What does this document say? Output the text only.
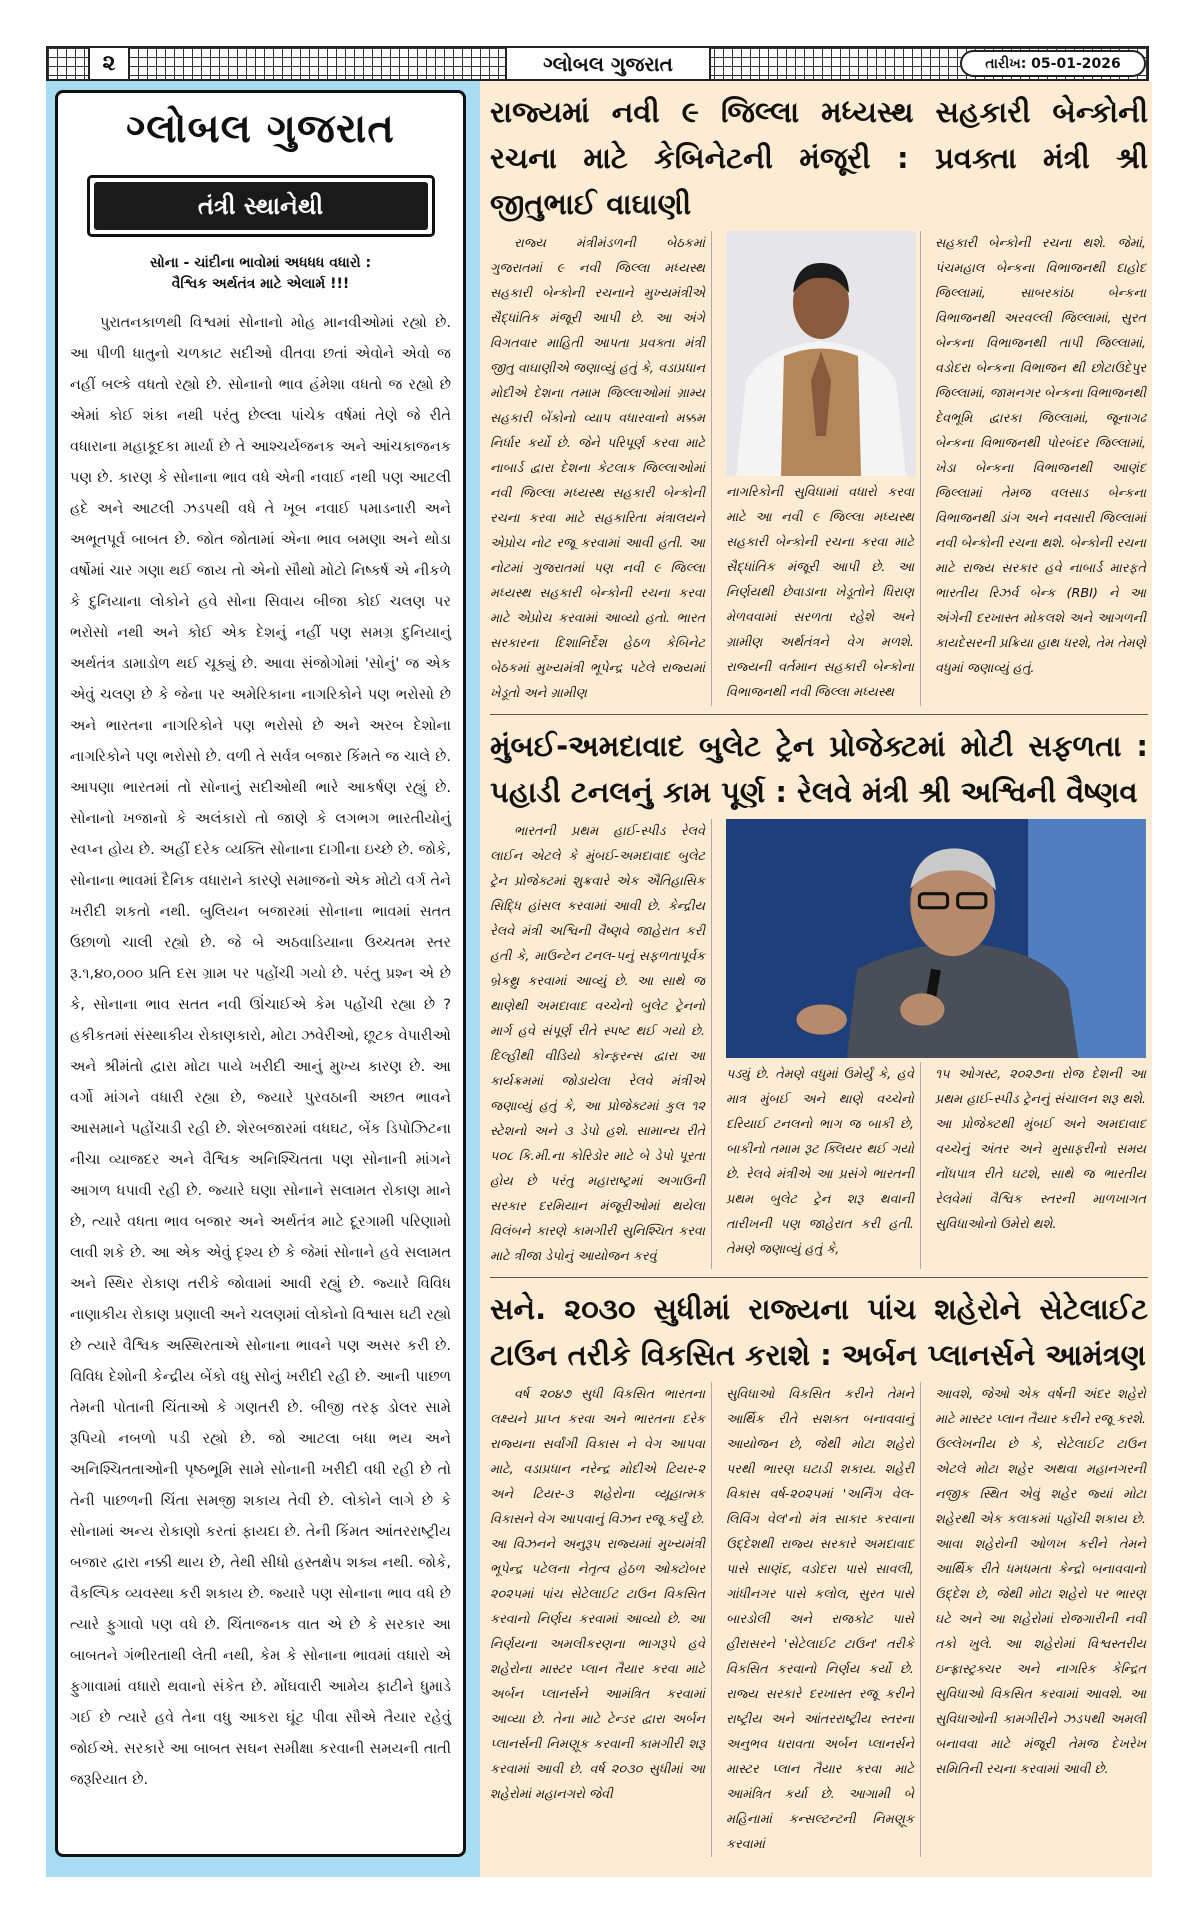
૨	ગ્લોબલ ગુજરાત	તારીખ: 05-01-2026
ગ્લોબલ ગુજરાત
તંત્રી સ્થાનેથી
સોના - ચાંદીના ભાવોમાં અધધધ વધારો :
વૈશ્વિક અર્થતંત્ર માટે એલાર્મ !!!
પુરાતનકાળથી વિશ્વમાં સોનાનો મોહ માનવીઓમાં રહ્યો છે. આ પીળી ધાતુનો ચળકાટ સદીઓ વીતવા છતાં એવોને એવો જ નહીં બલ્કે વધતો રહ્યો છે. સોનાનો ભાવ હંમેશા વધતો જ રહ્યો છે એમાં કોઈ શંકા નથી પરંતુ છેલ્લા પાંચેક વર્ષમાં તેણે જે રીતે વધારાના મહાકૂદકા માર્યા છે તે આશ્ચર્યજનક અને આંચકાજનક પણ છે. કારણ કે સોનાના ભાવ વધે એની નવાઈ નથી પણ આટલી હદે અને આટલી ઝડપથી વધે તે ખૂબ નવાઈ પમાડનારી અને અભૂતપૂર્વ બાબત છે. જોત જોતામાં એના ભાવ બમણા અને થોડા વર્ષોમાં ચાર ગણા થઈ જાય તો એનો સૌથો મોટો નિષ્કર્ષ એ નીકળે કે દુનિયાના લોકોને હવે સોના સિવાય બીજા કોઈ ચલણ પર ભરોસો નથી અને કોઈ એક દેશનું નહીં પણ સમગ્ર દુનિયાનું અર્થતંત્ર ડામાડોળ થઈ ચૂક્યું છે. આવા સંજોગોમાં 'સોનું' જ એક એવું ચલણ છે કે જેના પર અમેરિકાના નાગરિકોને પણ ભરોસો છે અને ભારતના નાગરિકોને પણ ભરોસો છે અને અરબ દેશોના નાગરિકોને પણ ભરોસો છે. વળી તે સર્વત્ર બજાર કિંમતે જ ચાલે છે. આપણા ભારતમાં તો સોનાનું સદીઓથી ભારે આકર્ષણ રહ્યું છે. સોનાનો ખજાનો કે અલંકારો તો જાણે કે લગભગ ભારતીયોનું સ્વપ્ન હોય છે. અહીં દરેક વ્યક્તિ સોનાના દાગીના ઇચ્છે છે. જોકે, સોનાના ભાવમાં દૈનિક વધારાને કારણે સમાજનો એક મોટો વર્ગ તેને ખરીદી શકતો નથી. બુલિયન બજારમાં સોનાના ભાવમાં સતત ઉછાળો ચાલી રહ્યો છે. જે બે અઠવાડિયાના ઉચ્ચતમ સ્તર રૂ.૧,૪૦,૦૦૦ પ્રતિ દસ ગ્રામ પર પહોંચી ગયો છે. પરંતુ પ્રશ્ન એ છે કે, સોનાના ભાવ સતત નવી ઊંચાઈએ કેમ પહોંચી રહ્યા છે ? હકીકતમાં સંસ્થાકીય રોકાણકારો, મોટા ઝવેરીઓ, છૂટક વેપારીઓ અને શ્રીમંતો દ્વારા મોટા પાયે ખરીદી આનું મુખ્ય કારણ છે. આ વર્ગો માંગને વધારી રહ્યા છે, જ્યારે પુરવઠાની અછત ભાવને આસમાને પહોંચાડી રહી છે. શેરબજારમાં વધઘટ, બેંક ડિપોઝિટના નીચા વ્યાજદર અને વૈશ્વિક અનિશ્ચિતતા પણ સોનાની માંગને આગળ ધપાવી રહી છે. જ્યારે ઘણા સોનાને સલામત રોકાણ માને છે, ત્યારે વધતા ભાવ બજાર અને અર્થતંત્ર માટે દૂરગામી પરિણામો લાવી શકે છે. આ એક એવું દૃશ્ય છે કે જેમાં સોનાને હવે સલામત અને સ્થિર રોકાણ તરીકે જોવામાં આવી રહ્યું છે. જ્યારે વિવિધ નાણાકીય રોકાણ પ્રણાલી અને ચલણમાં લોકોનો વિશ્વાસ ઘટી રહ્યો છે ત્યારે વૈશ્વિક અસ્થિરતાએ સોનાના ભાવને પણ અસર કરી છે. વિવિધ દેશોની કેન્દ્રીય બેંકો વધુ સોનું ખરીદી રહી છે. આની પાછળ તેમની પોતાની ચિંતાઓ કે ગણતરી છે. બીજી તરફ ડોલર સામે રૂપિયો નબળો પડી રહ્યો છે. જો આટલા બધા ભય અને અનિશ્ચિતતાઓની પૃષ્ઠભૂમિ સામે સોનાની ખરીદી વધી રહી છે તો તેની પાછળની ચિંતા સમજી શકાય તેવી છે. લોકોને લાગે છે કે સોનામાં અન્ય રોકાણો કરતાં ફાયદા છે. તેની કિંમત આંતરરાષ્ટ્રીય બજાર દ્વારા નક્કી થાય છે, તેથી સીધો હસ્તક્ષેપ શક્ય નથી. જોકે, વૈકલ્પિક વ્યવસ્થા કરી શકાય છે. જ્યારે પણ સોનાના ભાવ વધે છે ત્યારે ફુગાવો પણ વધે છે. ચિંતાજનક વાત એ છે કે સરકાર આ બાબતને ગંભીરતાથી લેતી નથી, કેમ કે સોનાના ભાવમાં વધારો એ ફુગાવામાં વધારો થવાનો સંકેત છે. મોંઘવારી આમેય ફાટીને ધુમાડે ગઈ છે ત્યારે હવે તેના વધુ આકરા ઘૂંટ પીવા સૌએ તૈયાર રહેવું જોઈએ. સરકારે આ બાબત સઘન સમીક્ષા કરવાની સમયની તાતી જરૂરિયાત છે.
રાજ્યમાં નવી ૯ જિલ્લા મધ્યસ્થ સહકારી બેન્કોની રચના માટે કેબિનેટની મંજૂરી : પ્રવક્તા મંત્રી શ્રી જીતુભાઈ વાઘાણી
રાજ્ય મંત્રીમંડળની બેઠકમાં ગુજરાતમાં ૯ નવી જિલ્લા મધ્યસ્થ સહકારી બેન્કોની રચનાને મુખ્યમંત્રીએ સૈદ્ધાંતિક મંજૂરી આપી છે. આ અંગે વિગતવાર માહિતી આપતા પ્રવક્તા મંત્રી જીતુ વાઘાણીએ જણાવ્યું હતું કે, વડાપ્રધાન મોદીએ દેશના તમામ જિલ્લાઓમાં ગ્રામ્ય સહકારી બેંકોનો વ્યાપ વધારવાનો મક્કમ નિર્ધાર કર્યો છે. જેને પરિપૂર્ણ કરવા માટે નાબાર્ડ દ્વારા દેશના કેટલાક જિલ્લાઓમાં નવી જિલ્લા મધ્યસ્થ સહકારી બેન્કોની રચના કરવા માટે સહકારિતા મંત્રાલયને એપ્રોચ નોટ રજૂ કરવામાં આવી હતી. આ નોટમાં ગુજરાતમાં પણ નવી ૯ જિલ્લા મધ્યસ્થ સહકારી બેન્કોની રચના કરવા માટે એપ્રોચ કરવામાં આવ્યો હતો. ભારત સરકારના દિશાનિર્દેશ હેઠળ કેબિનેટ બેઠકમાં મુખ્યમંત્રી ભૂપેન્દ્ર પટેલે રાજ્યમાં ખેડૂતો અને ગ્રામીણ
નાગરિકોની સુવિધામાં વધારો કરવા માટે આ નવી ૯ જિલ્લા મધ્યસ્થ સહકારી બેન્કોની રચના કરવા માટે સૈદ્ધાંતિક મંજૂરી આપી છે. આ નિર્ણયથી છેવાડાના ખેડૂતોને ધિરાણ મેળવવામાં સરળતા રહેશે અને ગ્રામીણ અર્થતંત્રને વેગ મળશે. રાજ્યની વર્તમાન સહકારી બેન્કોના વિભાજનથી નવી જિલ્લા મધ્યસ્થ
સહકારી બેન્કોની રચના થશે. જેમાં, પંચમહાલ બેન્કના વિભાજનથી દાહોદ જિલ્લામાં, સાબરકાંઠા બેન્કના વિભાજનથી અરવલ્લી જિલ્લામાં, સુરત બેન્કના વિભાજનથી તાપી જિલ્લામાં, વડોદરા બેન્કના વિભાજન થી છોટાઉદેપુર જિલ્લામાં, જામનગર બેન્કના વિભાજનથી દેવભૂમિ દ્વારકા જિલ્લામાં, જૂનાગઢ બેન્કના વિભાજનથી પોરબંદર જિલ્લામાં, ખેડા બેન્કના વિભાજનથી આણંદ જિલ્લામાં તેમજ વલસાડ બેન્કના વિભાજનથી ડાંગ અને નવસારી જિલ્લામાં નવી બેન્કોની રચના થશે. બેન્કોની રચના માટે રાજ્ય સરકાર હવે નાબાર્ડ મારફતે ભારતીય રિઝર્વ બેન્ક (RBI) ને આ અંગેની દરખાસ્ત મોકલશે અને આગળની કાયદેસરની પ્રક્રિયા હાથ ધરશે, તેમ તેમણે વધુમાં જણાવ્યું હતું.
મુંબઈ-અમદાવાદ બુલેટ ટ્રેન પ્રોજેક્ટમાં મોટી સફળતા : પહાડી ટનલનું કામ પૂર્ણ : રેલવે મંત્રી શ્રી અશ્વિની વૈષ્ણવ
ભારતની પ્રથમ હાઈ-સ્પીડ રેલવે લાઈન એટલે કે મુંબઈ-અમદાવાદ બુલેટ ટ્રેન પ્રોજેક્ટમાં શુક્રવારે એક ઐતિહાસિક સિદ્ધિ હાંસલ કરવામાં આવી છે. કેન્દ્રીય રેલવે મંત્રી અશ્વિની વૈષ્ણવે જાહેરાત કરી હતી કે, માઉન્ટેન ટનલ-૫નું સફળતાપૂર્વક બ્રેકથ્રુ કરવામાં આવ્યું છે. આ સાથે જ થાણેથી અમદાવાદ વચ્ચેનો બુલેટ ટ્રેનનો માર્ગ હવે સંપૂર્ણ રીતે સ્પષ્ટ થઈ ગયો છે. દિલ્હીથી વીડિયો કોન્ફરન્સ દ્વારા આ કાર્યક્રમમાં જોડાયેલા રેલવે મંત્રીએ જણાવ્યું હતું કે, આ પ્રોજેક્ટમાં કુલ ૧૨ સ્ટેશનો અને ૩ ડેપો હશે. સામાન્ય રીતે ૫૦૮ કિ.મી.ના કોરિડોર માટે બે ડેપો પૂરતા હોય છે પરંતુ મહારાષ્ટ્રમાં અગાઉની સરકાર દરમિયાન મંજૂરીઓમાં થયેલા વિલંબને કારણે કામગીરી સુનિશ્ચિત કરવા માટે ત્રીજા ડેપોનું આયોજન કરવું
પડ્યું છે. તેમણે વધુમાં ઉમેર્યું કે, હવે માત્ર મુંબઈ અને થાણે વચ્ચેનો દરિયાઈ ટનલનો ભાગ જ બાકી છે, બાકીનો તમામ રૂટ ક્લિયર થઈ ગયો છે. રેલવે મંત્રીએ આ પ્રસંગે ભારતની પ્રથમ બુલેટ ટ્રેન શરૂ થવાની તારીખની પણ જાહેરાત કરી હતી. તેમણે જણાવ્યું હતું કે,
૧૫ ઓગસ્ટ, ૨૦૨૭ના રોજ દેશની આ પ્રથમ હાઈ-સ્પીડ ટ્રેનનું સંચાલન શરૂ થશે. આ પ્રોજેક્ટથી મુંબઈ અને અમદાવાદ વચ્ચેનું અંતર અને મુસાફરીનો સમય નોંધપાત્ર રીતે ઘટશે, સાથે જ ભારતીય રેલવેમાં વૈશ્વિક સ્તરની માળખાગત સુવિધાઓનો ઉમેરો થશે.
સને. ૨૦૩૦ સુધીમાં રાજ્યના પાંચ શહેરોને સેટેલાઈટ ટાઉન તરીકે વિકસિત કરાશે : અર્બન પ્લાનર્સને આમંત્રણ
વર્ષ ૨૦૪૭ સુધી વિકસિત ભારતના લક્ષ્યને પ્રાપ્ત કરવા અને ભારતના દરેક રાજ્યના સર્વાંગી વિકાસ ને વેગ આપવા માટે, વડાપ્રધાન નરેન્દ્ર મોદીએ ટિયર-૨ અને ટિયર-૩ શહેરોના વ્યૂહાત્મક વિકાસને વેગ આપવાનું વિઝન રજૂ કર્યું છે. આ વિઝનને અનુરૂપ રાજ્યમાં મુખ્યમંત્રી ભૂપેન્દ્ર પટેલના નેતૃત્વ હેઠળ ઓક્ટોબર ૨૦૨૫માં પાંચ સેટેલાઈટ ટાઉન વિકસિત કરવાનો નિર્ણય કરવામાં આવ્યો છે. આ નિર્ણયના અમલીકરણના ભાગરૂપે હવે શહેરોના માસ્ટર પ્લાન તૈયાર કરવા માટે અર્બન પ્લાનર્સને આમંત્રિત કરવામાં આવ્યા છે. તેના માટે ટેન્ડર દ્વારા અર્બન પ્લાનર્સની નિમણૂક કરવાની કામગીરી શરૂ કરવામાં આવી છે. વર્ષ ૨૦૩૦ સુધીમાં આ શહેરોમાં મહાનગરો જેવી
સુવિધાઓ વિકસિત કરીને તેમને આર્થિક રીતે સશક્ત બનાવવાનું આયોજન છે, જેથી મોટા શહેરો પરથી ભારણ ઘટાડી શકાય. શહેરી વિકાસ વર્ષ-૨૦૨૫માં 'અર્નિંગ વેલ-લિવિંગ વેલ'નો મંત્ર સાકાર કરવાના ઉદ્દેશથી રાજ્ય સરકારે અમદાવાદ પાસે સાણંદ, વડોદરા પાસે સાવલી, ગાંધીનગર પાસે કલોલ, સુરત પાસે બારડોલી અને રાજકોટ પાસે હીરાસરને 'સેટેલાઈટ ટાઉન' તરીકે વિકસિત કરવાનો નિર્ણય કર્યો છે. રાજ્ય સરકારે દરખાસ્ત રજૂ કરીને રાષ્ટ્રીય અને આંતરરાષ્ટ્રીય સ્તરના અનુભવ ધરાવતા અર્બન પ્લાનર્સને માસ્ટર પ્લાન તૈયાર કરવા માટે આમંત્રિત કર્યા છે. આગામી બે મહિનામાં કન્સલ્ટન્ટની નિમણૂક કરવામાં
આવશે, જેઓ એક વર્ષની અંદર શહેરો માટે માસ્ટર પ્લાન તૈયાર કરીને રજૂ કરશે. ઉલ્લેખનીય છે કે, સેટેલાઈટ ટાઉન એટલે મોટા શહેર અથવા મહાનગરની નજીક સ્થિત એવું શહેર જ્યાં મોટા શહેરથી એક કલાકમાં પહોંચી શકાય છે. આવા શહેરોની ઓળખ કરીને તેમને આર્થિક રીતે ધમધમતા કેન્દ્રો બનાવવાનો ઉદ્દેશ છે, જેથી મોટા શહેરો પર ભારણ ઘટે અને આ શહેરોમાં રોજગારીની નવી તકો ખુલે. આ શહેરોમાં વિશ્વસ્તરીય ઇન્ફ્રાસ્ટ્રક્ચર અને નાગરિક કેન્દ્રિત સુવિધાઓ વિકસિત કરવામાં આવશે. આ સુવિધાઓની કામગીરીને ઝડપથી અમલી બનાવવા માટે મંજૂરી તેમજ દેખરેખ સમિતિની રચના કરવામાં આવી છે.
